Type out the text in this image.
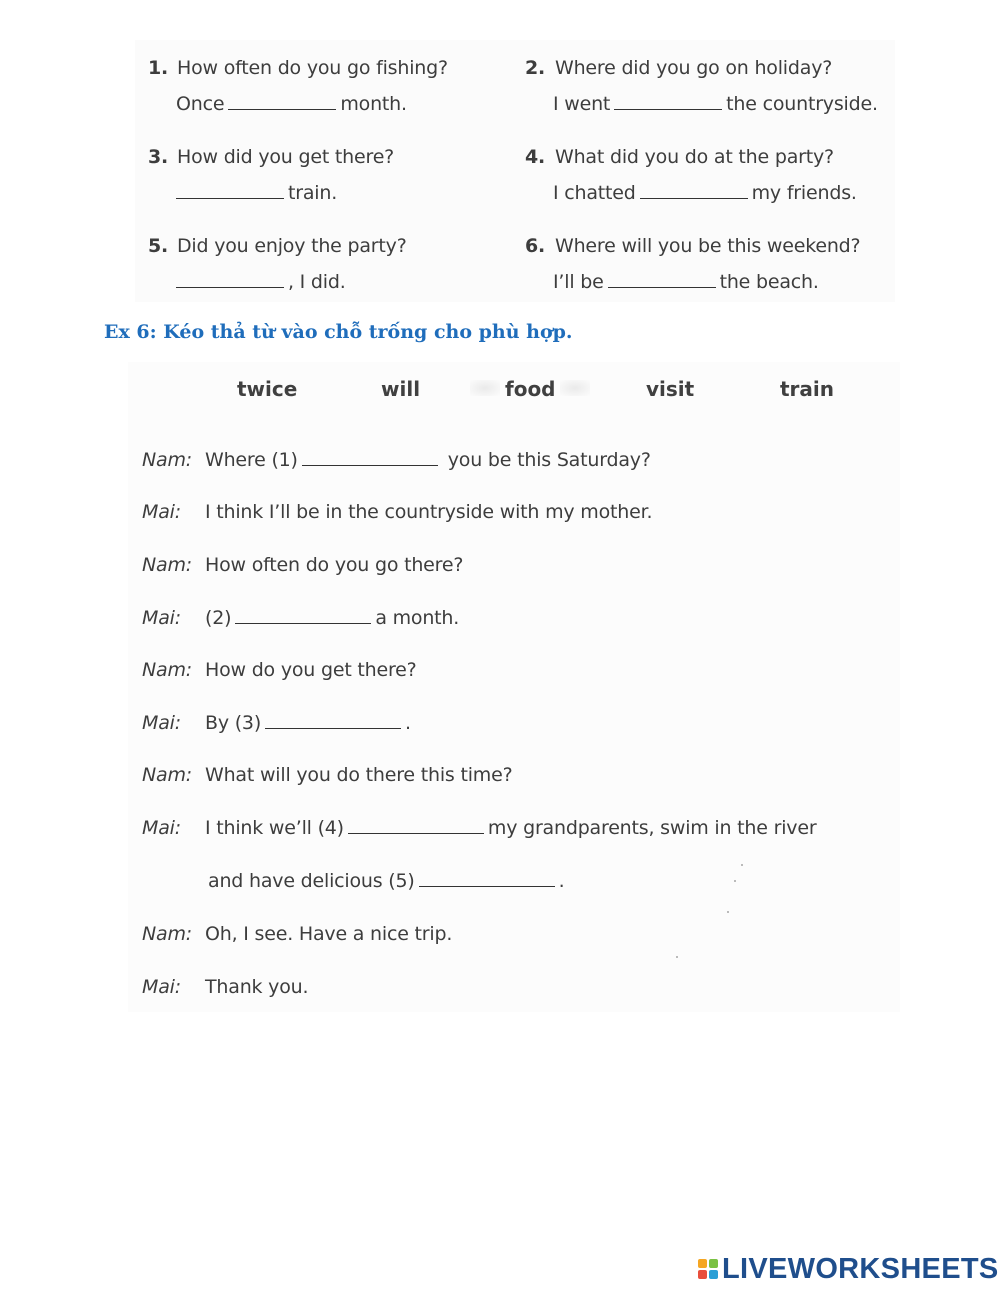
1. How often do you go fishing?
Once	month.
2. Where did you go on holiday?
I went	the countryside.
3. How did you get there?
train.
4. What did you do at the party?
I chatted	my friends.
5. Did you enjoy the party?
, I did.
6. Where will you be this weekend?
I’ll be	the beach.
Ex 6: Kéo thả từ vào chỗ trống cho phù hợp.
twice	will	food	visit	train
Nam: Where (1)	you be this Saturday?
Mai: I think I’ll be in the countryside with my mother.
Nam: How often do you go there?
Mai: (2)	a month.
Nam: How do you get there?
Mai: By (3)	.
Nam: What will you do there this time?
Mai: I think we’ll (4)	my grandparents, swim in the river
and have delicious (5)	.
Nam: Oh, I see. Have a nice trip.
Mai: Thank you.
LIVEWORKSHEETS
